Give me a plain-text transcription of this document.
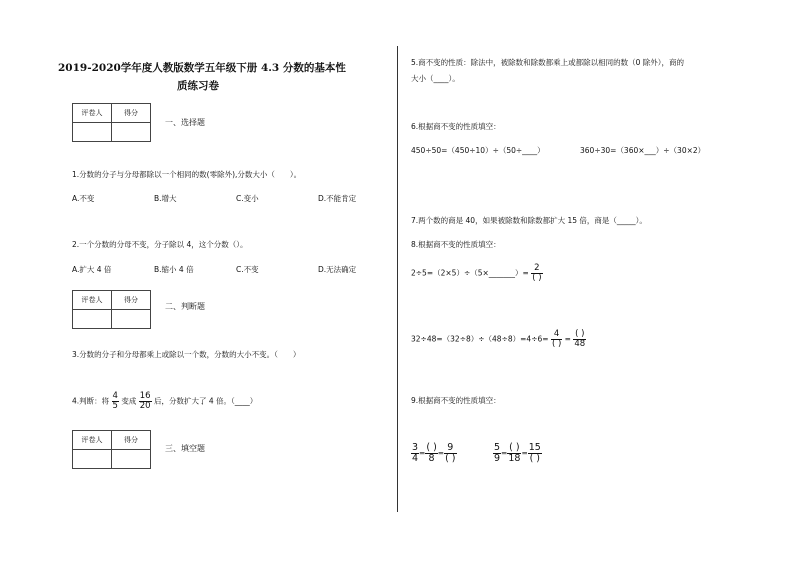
2019-2020学年度人教版数学五年级下册 4.3 分数的基本性
质练习卷
评卷人	得分

一、选择题
1.分数的分子与分母都除以一个相同的数(零除外),分数大小（　　）。
A.不变	B.增大	C.变小	D.不能肯定
2.一个分数的分母不变，分子除以 4，这个分数（）。
A.扩大 4 倍	B.缩小 4 倍	C.不变	D.无法确定
评卷人	得分

二、判断题
3.分数的分子和分母都乘上或除以一个数，分数的大小不变。（　　）
4.判断：将 $\frac{4}{5}$ 变成 $\frac{16}{20}$ 后，分数扩大了 4 倍。（____）
评卷人	得分

三、填空题
5.商不变的性质：除法中，被除数和除数都乘上或都除以相同的数（0 除外），商的
大小（____）。
6.根据商不变的性质填空：
450÷50=（450÷10）÷（50÷____）	360÷30=（360×___）÷（30×2）
7.两个数的商是 40，如果被除数和除数都扩大 15 倍，商是（_____）。
8.根据商不变的性质填空：
2÷5=（2×5）÷（5×_______）= $\frac{2}{( )}$
$32\div 48=(32\div 8)\div(48\div 8)=4\div 6= \frac{4}{( )} = \frac{( )}{48}$
9.根据商不变的性质填空：
$\frac{3}{4} = \frac{( )}{8} = \frac{9}{( )}$	$\frac{5}{9} = \frac{( )}{18} = \frac{15}{( )}$
